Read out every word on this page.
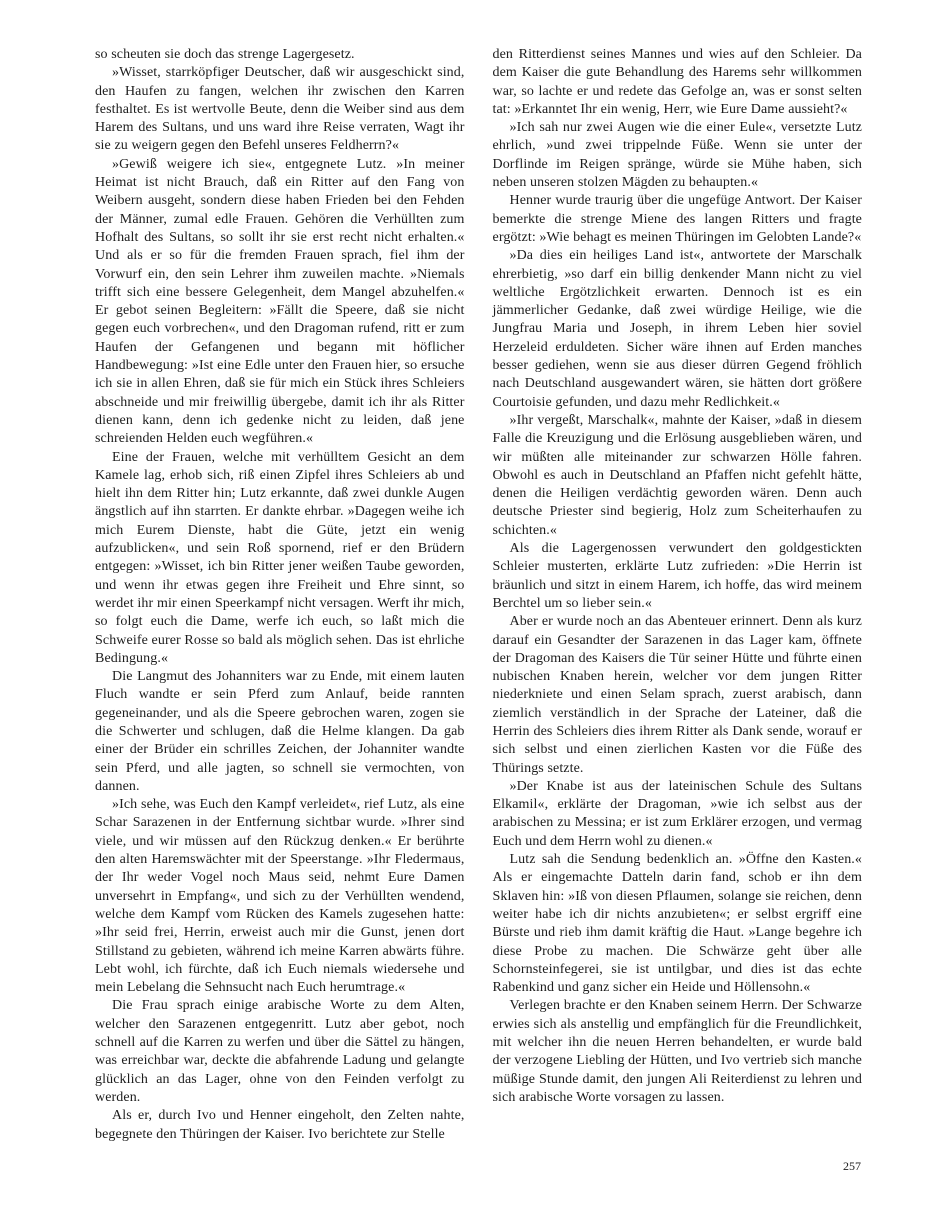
so scheuten sie doch das strenge Lagergesetz.

»Wisset, starrköpfiger Deutscher, daß wir ausgeschickt sind, den Haufen zu fangen, welchen ihr zwischen den Karren festhaltet. Es ist wertvolle Beute, denn die Weiber sind aus dem Harem des Sultans, und uns ward ihre Reise verraten, Wagt ihr sie zu weigern gegen den Befehl unseres Feldherrn?«

»Gewiß weigere ich sie«, entgegnete Lutz. »In meiner Heimat ist nicht Brauch, daß ein Ritter auf den Fang von Weibern ausgeht, sondern diese haben Frieden bei den Fehden der Männer, zumal edle Frauen. Gehören die Verhüllten zum Hofhalt des Sultans, so sollt ihr sie erst recht nicht erhalten.« Und als er so für die fremden Frauen sprach, fiel ihm der Vorwurf ein, den sein Lehrer ihm zuweilen machte. »Niemals trifft sich eine bessere Gelegenheit, dem Mangel abzuhelfen.« Er gebot seinen Begleitern: »Fällt die Speere, daß sie nicht gegen euch vorbrechen«, und den Dragoman rufend, ritt er zum Haufen der Gefangenen und begann mit höflicher Handbewegung: »Ist eine Edle unter den Frauen hier, so ersuche ich sie in allen Ehren, daß sie für mich ein Stück ihres Schleiers abschneide und mir freiwillig übergebe, damit ich ihr als Ritter dienen kann, denn ich gedenke nicht zu leiden, daß jene schreienden Helden euch wegführen.«

Eine der Frauen, welche mit verhülltem Gesicht an dem Kamele lag, erhob sich, riß einen Zipfel ihres Schleiers ab und hielt ihn dem Ritter hin; Lutz erkannte, daß zwei dunkle Augen ängstlich auf ihn starrten. Er dankte ehrbar. »Dagegen weihe ich mich Eurem Dienste, habt die Güte, jetzt ein wenig aufzublicken«, und sein Roß spornend, rief er den Brüdern entgegen: »Wisset, ich bin Ritter jener weißen Taube geworden, und wenn ihr etwas gegen ihre Freiheit und Ehre sinnt, so werdet ihr mir einen Speerkampf nicht versagen. Werft ihr mich, so folgt euch die Dame, werfe ich euch, so laßt mich die Schweife eurer Rosse so bald als möglich sehen. Das ist ehrliche Bedingung.«

Die Langmut des Johanniters war zu Ende, mit einem lauten Fluch wandte er sein Pferd zum Anlauf, beide rannten gegeneinander, und als die Speere gebrochen waren, zogen sie die Schwerter und schlugen, daß die Helme klangen. Da gab einer der Brüder ein schrilles Zeichen, der Johanniter wandte sein Pferd, und alle jagten, so schnell sie vermochten, von dannen.

»Ich sehe, was Euch den Kampf verleidet«, rief Lutz, als eine Schar Sarazenen in der Entfernung sichtbar wurde. »Ihrer sind viele, und wir müssen auf den Rückzug denken.« Er berührte den alten Haremswächter mit der Speerstange. »Ihr Fledermaus, der Ihr weder Vogel noch Maus seid, nehmt Eure Damen unversehrt in Empfang«, und sich zu der Verhüllten wendend, welche dem Kampf vom Rücken des Kamels zugesehen hatte: »Ihr seid frei, Herrin, erweist auch mir die Gunst, jenen dort Stillstand zu gebieten, während ich meine Karren abwärts führe. Lebt wohl, ich fürchte, daß ich Euch niemals wiedersehe und mein Lebelang die Sehnsucht nach Euch herumtrage.«

Die Frau sprach einige arabische Worte zu dem Alten, welcher den Sarazenen entgegenritt. Lutz aber gebot, noch schnell auf die Karren zu werfen und über die Sättel zu hängen, was erreichbar war, deckte die abfahrende Ladung und gelangte glücklich an das Lager, ohne von den Feinden verfolgt zu werden.

Als er, durch Ivo und Henner eingeholt, den Zelten nahte, begegnete den Thüringen der Kaiser. Ivo berichtete zur Stelle

den Ritterdienst seines Mannes und wies auf den Schleier. Da dem Kaiser die gute Behandlung des Harems sehr willkommen war, so lachte er und redete das Gefolge an, was er sonst selten tat: »Erkanntet Ihr ein wenig, Herr, wie Eure Dame aussieht?«

»Ich sah nur zwei Augen wie die einer Eule«, versetzte Lutz ehrlich, »und zwei trippelnde Füße. Wenn sie unter der Dorflinde im Reigen spränge, würde sie Mühe haben, sich neben unseren stolzen Mägden zu behaupten.«

Henner wurde traurig über die ungefüge Antwort. Der Kaiser bemerkte die strenge Miene des langen Ritters und fragte ergötzt: »Wie behagt es meinen Thüringen im Gelobten Lande?«

»Da dies ein heiliges Land ist«, antwortete der Marschalk ehrerbietig, »so darf ein billig denkender Mann nicht zu viel weltliche Ergötzlichkeit erwarten. Dennoch ist es ein jämmerlicher Gedanke, daß zwei würdige Heilige, wie die Jungfrau Maria und Joseph, in ihrem Leben hier soviel Herzeleid erduldeten. Sicher wäre ihnen auf Erden manches besser gediehen, wenn sie aus dieser dürren Gegend fröhlich nach Deutschland ausgewandert wären, sie hätten dort größere Courtoisie gefunden, und dazu mehr Redlichkeit.«

»Ihr vergeßt, Marschalk«, mahnte der Kaiser, »daß in diesem Falle die Kreuzigung und die Erlösung ausgeblieben wären, und wir müßten alle miteinander zur schwarzen Hölle fahren. Obwohl es auch in Deutschland an Pfaffen nicht gefehlt hätte, denen die Heiligen verdächtig geworden wären. Denn auch deutsche Priester sind begierig, Holz zum Scheiterhaufen zu schichten.«

Als die Lagergenossen verwundert den goldgestickten Schleier musterten, erklärte Lutz zufrieden: »Die Herrin ist bräunlich und sitzt in einem Harem, ich hoffe, das wird meinem Berchtel um so lieber sein.«

Aber er wurde noch an das Abenteuer erinnert. Denn als kurz darauf ein Gesandter der Sarazenen in das Lager kam, öffnete der Dragoman des Kaisers die Tür seiner Hütte und führte einen nubischen Knaben herein, welcher vor dem jungen Ritter niederkniete und einen Selam sprach, zuerst arabisch, dann ziemlich verständlich in der Sprache der Lateiner, daß die Herrin des Schleiers dies ihrem Ritter als Dank sende, worauf er sich selbst und einen zierlichen Kasten vor die Füße des Thürings setzte.

»Der Knabe ist aus der lateinischen Schule des Sultans Elkamil«, erklärte der Dragoman, »wie ich selbst aus der arabischen zu Messina; er ist zum Erklärer erzogen, und vermag Euch und dem Herrn wohl zu dienen.«

Lutz sah die Sendung bedenklich an. »Öffne den Kasten.« Als er eingemachte Datteln darin fand, schob er ihn dem Sklaven hin: »Iß von diesen Pflaumen, solange sie reichen, denn weiter habe ich dir nichts anzubieten«; er selbst ergriff eine Bürste und rieb ihm damit kräftig die Haut. »Lange begehre ich diese Probe zu machen. Die Schwärze geht über alle Schornsteinfegerei, sie ist untilgbar, und dies ist das echte Rabenkind und ganz sicher ein Heide und Höllensohn.«

Verlegen brachte er den Knaben seinem Herrn. Der Schwarze erwies sich als anstellig und empfänglich für die Freundlichkeit, mit welcher ihn die neuen Herren behandelten, er wurde bald der verzogene Liebling der Hütten, und Ivo vertrieb sich manche müßige Stunde damit, den jungen Ali Reiterdienst zu lehren und sich arabische Worte vorsagen zu lassen.

257
